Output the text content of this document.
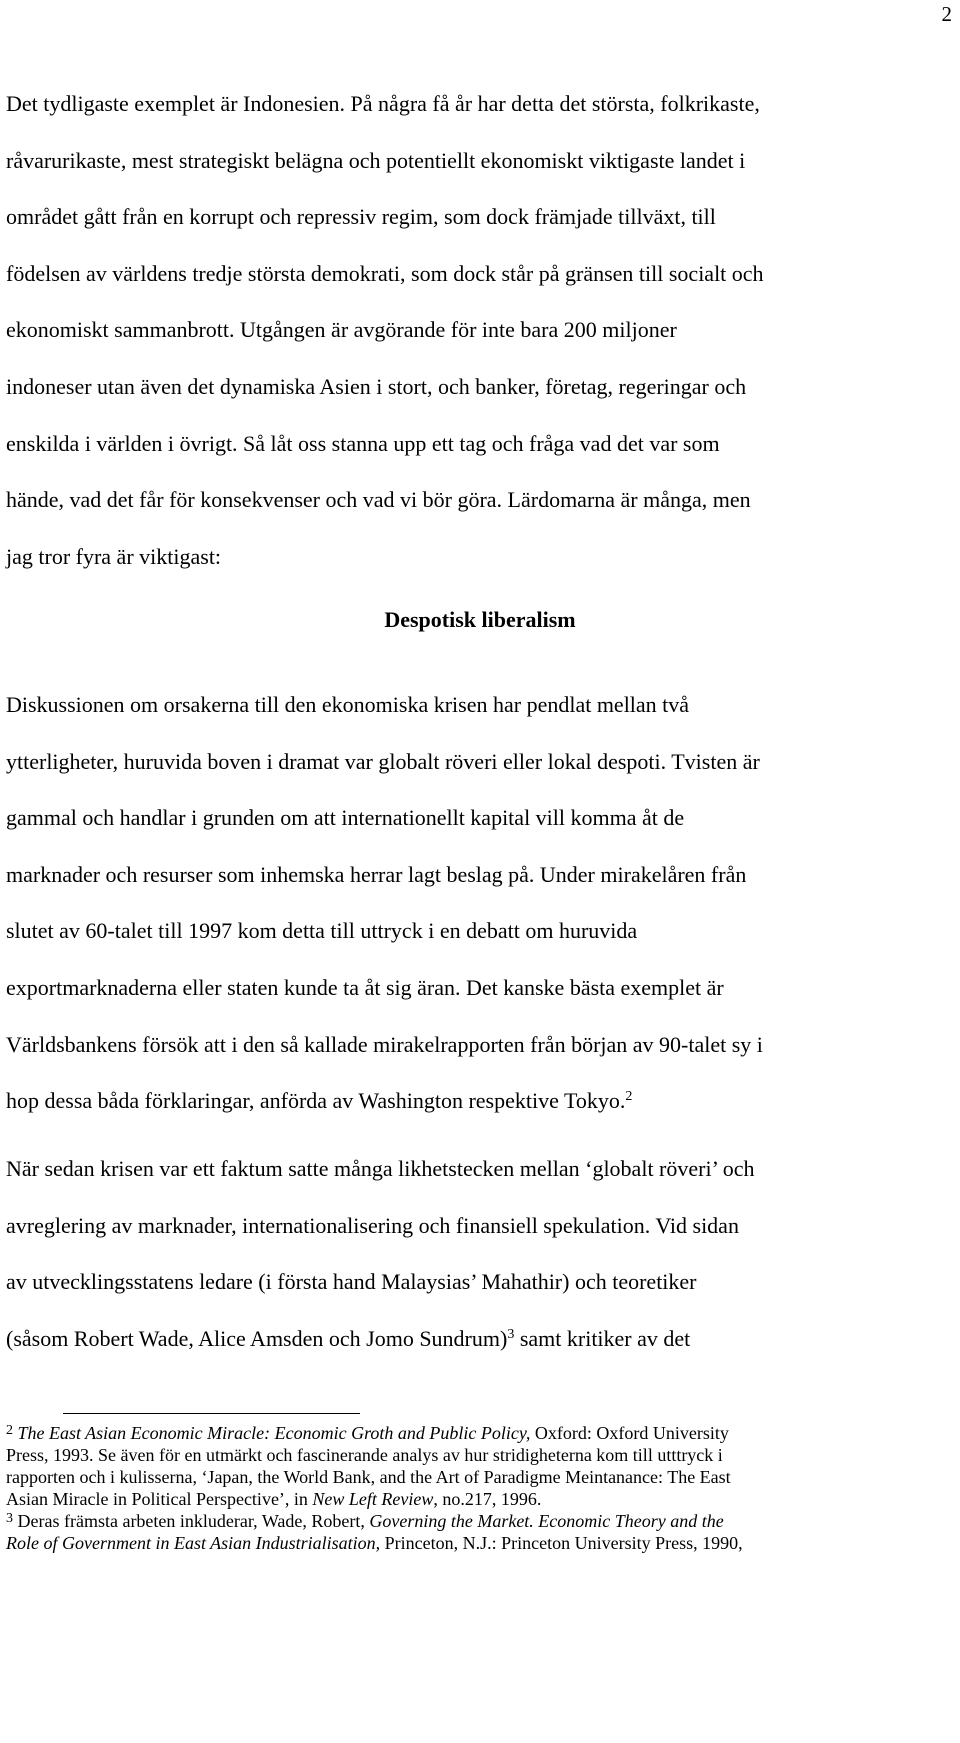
2
Det tydligaste exemplet är Indonesien. På några få år har detta det största, folkrikaste,
råvarurikaste, mest strategiskt belägna och potentiellt ekonomiskt viktigaste landet i
området gått från en korrupt och repressiv regim, som dock främjade tillväxt, till
födelsen av världens tredje största demokrati, som dock står på gränsen till socialt och
ekonomiskt sammanbrott. Utgången är avgörande för inte bara 200 miljoner
indoneser utan även det dynamiska Asien i stort, och banker, företag, regeringar och
enskilda i världen i övrigt. Så låt oss stanna upp ett tag och fråga vad det var som
hände, vad det får för konsekvenser och vad vi bör göra. Lärdomarna är många, men
jag tror fyra är viktigast:
Despotisk liberalism
Diskussionen om orsakerna till den ekonomiska krisen har pendlat mellan två
ytterligheter, huruvida boven i dramat var globalt röveri eller lokal despoti. Tvisten är
gammal och handlar i grunden om att internationellt kapital vill komma åt de
marknader och resurser som inhemska herrar lagt beslag på. Under mirakelåren från
slutet av 60-talet till 1997 kom detta till uttryck i en debatt om huruvida
exportmarknaderna eller staten kunde ta åt sig äran. Det kanske bästa exemplet är
Världsbankens försök att i den så kallade mirakelrapporten från början av 90-talet sy i
hop dessa båda förklaringar, anförda av Washington respektive Tokyo.$^2$
När sedan krisen var ett faktum satte många likhetstecken mellan ‘globalt röveri’ och
avreglering av marknader, internationalisering och finansiell spekulation. Vid sidan
av utvecklingsstatens ledare (i första hand Malaysias’ Mahathir) och teoretiker
(såsom Robert Wade, Alice Amsden och Jomo Sundrum)$^3$ samt kritiker av det
$^2$ The East Asian Economic Miracle: Economic Groth and Public Policy, Oxford: Oxford University
Press, 1993. Se även för en utmärkt och fascinerande analys av hur stridigheterna kom till utttryck i
rapporten och i kulisserna, ‘Japan, the World Bank, and the Art of Paradigme Meintanance: The East
Asian Miracle in Political Perspective’, in New Left Review, no.217, 1996.
$^3$ Deras främsta arbeten inkluderar, Wade, Robert, Governing the Market. Economic Theory and the
Role of Government in East Asian Industrialisation, Princeton, N.J.: Princeton University Press, 1990,
